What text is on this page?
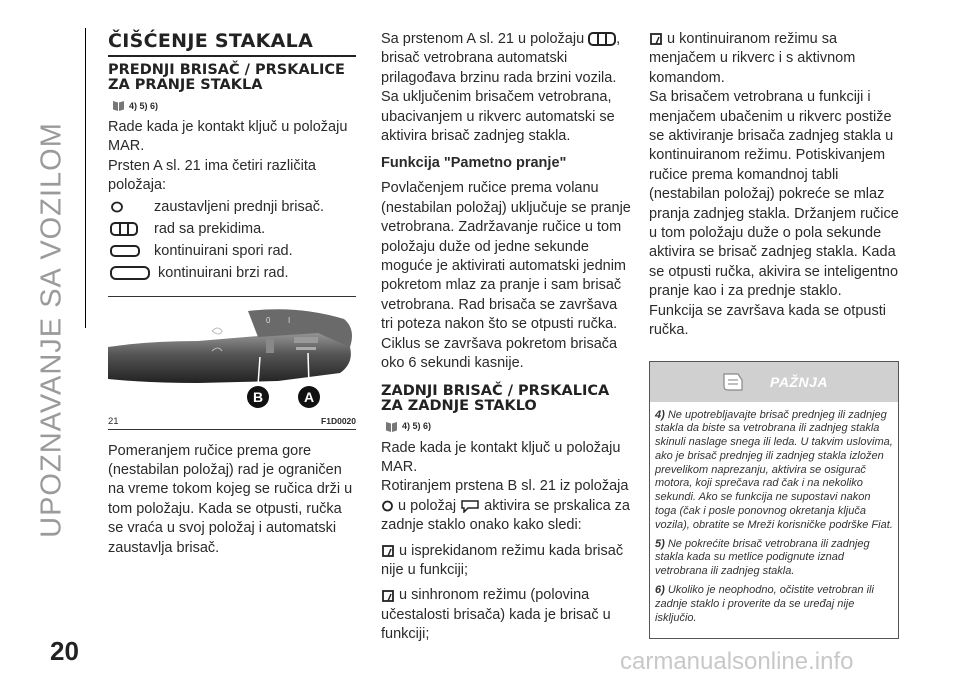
UPOZNAVANJE SA VOZILOM
20	carmanualsonline.info
ČIŠĆENJE STAKALA
PREDNJI BRISAČ / PRSKALICE ZA PRANJE STAKLA
4) 5) 6)
Rade kada je kontakt ključ u položaju MAR.
Prsten A sl. 21 ima četiri različita položaja:
zaustavljeni prednji brisač.
rad sa prekidima.
kontinuirani spori rad.
kontinuirani brzi rad.
0 I
B	A
21	F1D0020
Pomeranjem ručice prema gore (nestabilan položaj) rad je ograničen na vreme tokom kojeg se ručica drži u tom položaju. Kada se otpusti, ručka se vraća u svoj položaj i automatski zaustavlja brisač.
Sa prstenom A sl. 21 u položaju , brisač vetrobrana automatski prilagođava brzinu rada brzini vozila. Sa uključenim brisačem vetrobrana, ubacivanjem u rikverc automatski se aktivira brisač zadnjeg stakla.
Funkcija "Pametno pranje"
Povlačenjem ručice prema volanu (nestabilan položaj) uključuje se pranje vetrobrana. Zadržavanje ručice u tom položaju duže od jedne sekunde moguće je aktivirati automatski jednim pokretom mlaz za pranje i sam brisač vetrobrana. Rad brisača se završava tri poteza nakon što se otpusti ručka. Ciklus se završava pokretom brisača oko 6 sekundi kasnije.
ZADNJI BRISAČ / PRSKALICA ZA ZADNJE STAKLO
4) 5) 6)
Rade kada je kontakt ključ u položaju MAR.
Rotiranjem prstena B sl. 21 iz položaja
u položaj aktivira se prskalica za zadnje staklo onako kako sledi:
u isprekidanom režimu kada brisač nije u funkciji;
u sinhronom režimu (polovina učestalosti brisača) kada je brisač u funkciji;
u kontinuiranom režimu sa menjačem u rikverc i s aktivnom komandom.
Sa brisačem vetrobrana u funkciji i menjačem ubačenim u rikverc postiže se aktiviranje brisača zadnjeg stakla u kontinuiranom režimu. Potiskivanjem ručice prema komandnoj tabli (nestabilan položaj) pokreće se mlaz pranja zadnjeg stakla. Držanjem ručice u tom položaju duže o pola sekunde aktivira se brisač zadnjeg stakla. Kada se otpusti ručka, akivira se inteligentno pranje kao i za prednje staklo. Funkcija se završava kada se otpusti ručka.
PAŽNJA
4) Ne upotrebljavajte brisač prednjeg ili zadnjeg stakla da biste sa vetrobrana ili zadnjeg stakla skinuli naslage snega ili leda. U takvim uslovima, ako je brisač prednjeg ili zadnjeg stakla izložen prevelikom naprezanju, aktivira se osigurač motora, koji sprečava rad čak i na nekoliko sekundi. Ako se funkcija ne supostavi nakon toga (čak i posle ponovnog okretanja ključa vozila), obratite se Mreži korisničke podrške Fiat.
5) Ne pokrećite brisač vetrobrana ili zadnjeg stakla kada su metlice podignute iznad vetrobrana ili zadnjeg stakla.
6) Ukoliko je neophodno, očistite vetrobran ili zadnje staklo i proverite da se uređaj nije isključio.
